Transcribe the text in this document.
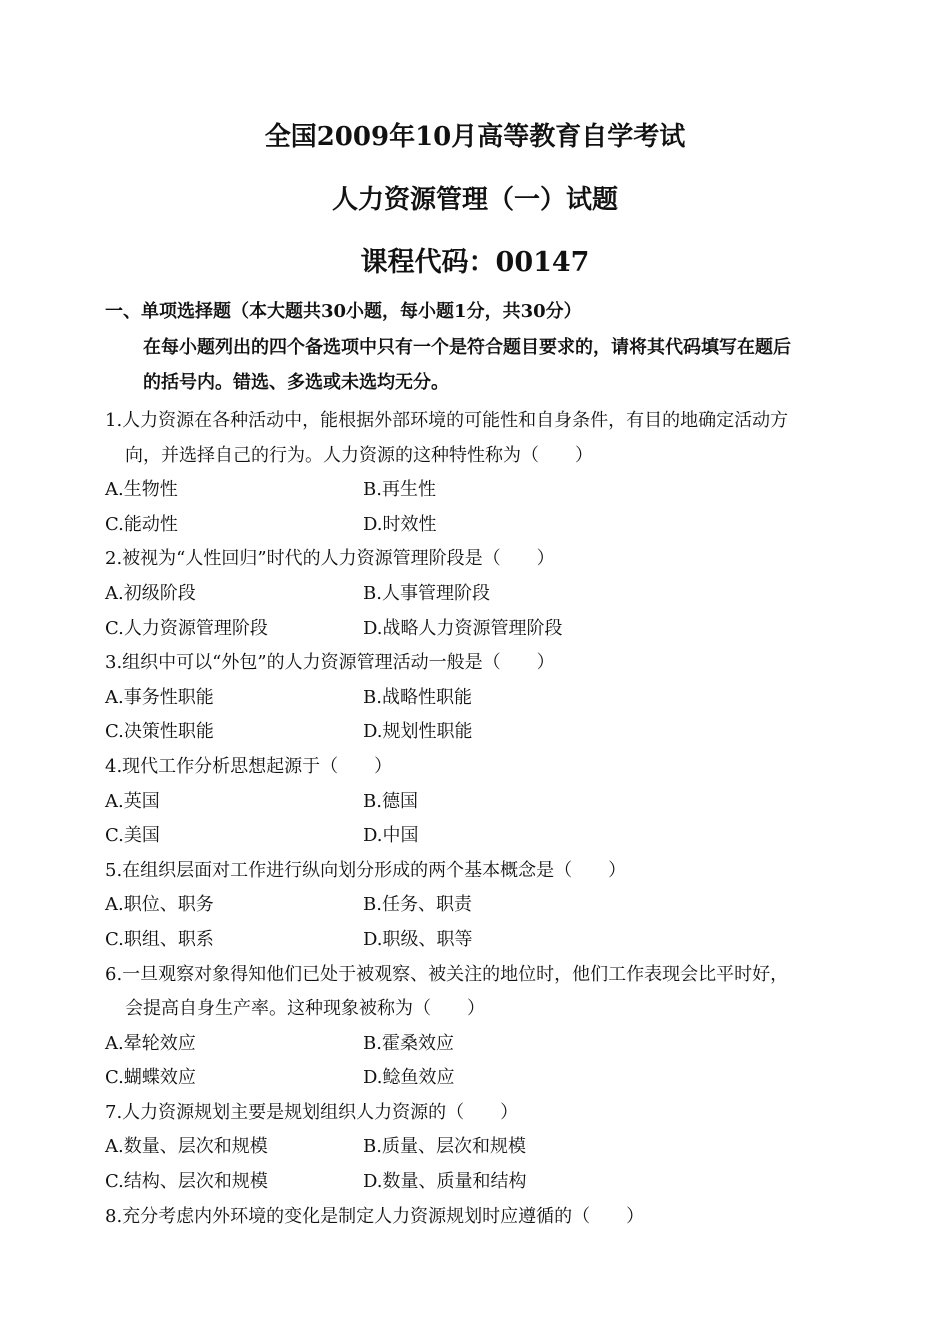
全国2009年10月高等教育自学考试
人力资源管理（一）试题
课程代码：00147
一、单项选择题（本大题共30小题，每小题1分，共30分）
在每小题列出的四个备选项中只有一个是符合题目要求的，请将其代码填写在题后
的括号内。错选、多选或未选均无分。
1.人力资源在各种活动中，能根据外部环境的可能性和自身条件，有目的地确定活动方
向，并选择自己的行为。人力资源的这种特性称为（　　）
A.生物性	B.再生性
C.能动性	D.时效性
2.被视为“人性回归”时代的人力资源管理阶段是（　　）
A.初级阶段	B.人事管理阶段
C.人力资源管理阶段	D.战略人力资源管理阶段
3.组织中可以“外包”的人力资源管理活动一般是（　　）
A.事务性职能	B.战略性职能
C.决策性职能	D.规划性职能
4.现代工作分析思想起源于（　　）
A.英国	B.德国
C.美国	D.中国
5.在组织层面对工作进行纵向划分形成的两个基本概念是（　　）
A.职位、职务	B.任务、职责
C.职组、职系	D.职级、职等
6.一旦观察对象得知他们已处于被观察、被关注的地位时，他们工作表现会比平时好，
会提高自身生产率。这种现象被称为（　　）
A.晕轮效应	B.霍桑效应
C.蝴蝶效应	D.鲶鱼效应
7.人力资源规划主要是规划组织人力资源的（　　）
A.数量、层次和规模	B.质量、层次和规模
C.结构、层次和规模	D.数量、质量和结构
8.充分考虑内外环境的变化是制定人力资源规划时应遵循的（　　）
